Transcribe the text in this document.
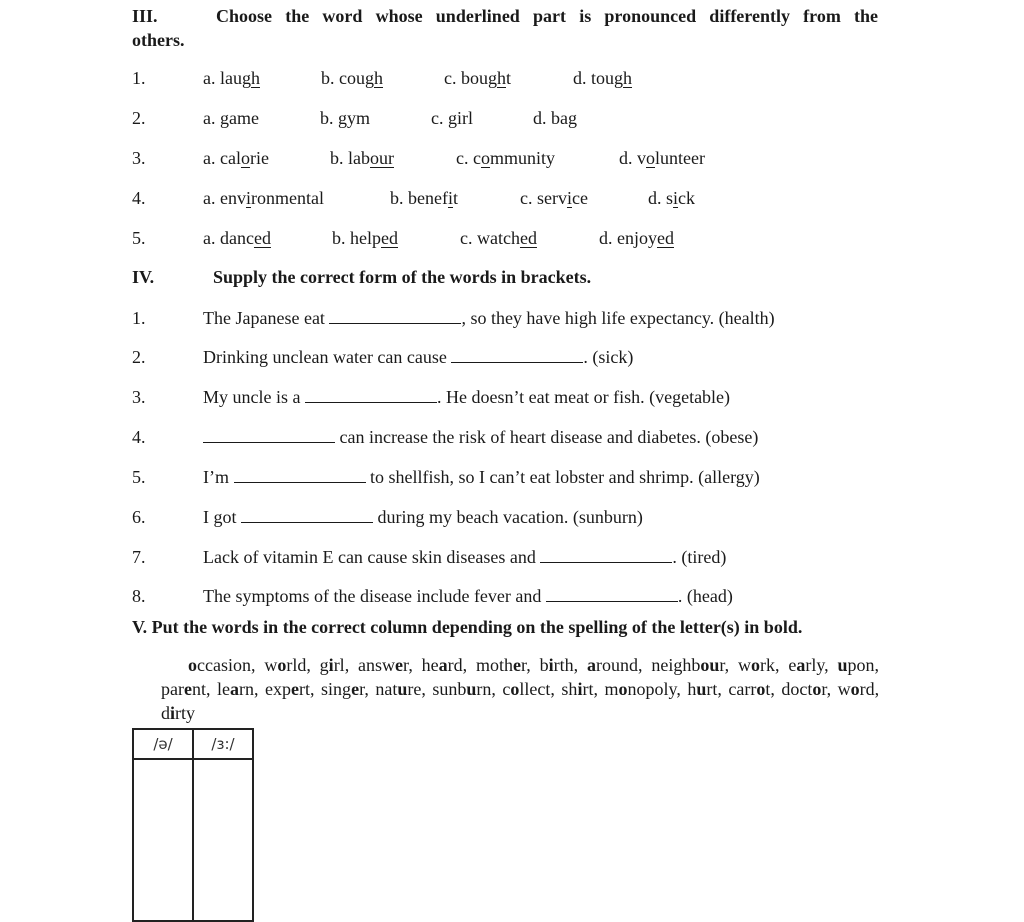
III.	Choose the word whose underlined part is pronounced differently from the
others.
1.	a. laugh	b. cough	c. bought	d. tough
2.	a. game	b. gym	c. girl	d. bag
3.	a. calorie	b. labour	c. community	d. volunteer
4.	a. environmental	b. benefit	c. service	d. sick
5.	a. danced	b. helped	c. watched	d. enjoyed
IV.	Supply the correct form of the words in brackets.
1.	The Japanese eat	, so they have high life expectancy. (health)
2.	Drinking unclean water can cause	. (sick)
3.	My uncle is a	. He doesn’t eat meat or fish. (vegetable)
4.	can increase the risk of heart disease and diabetes. (obese)
5.	I’m	to shellfish, so I can’t eat lobster and shrimp. (allergy)
6.	I got	during my beach vacation. (sunburn)
7.	Lack of vitamin E can cause skin diseases and	. (tired)
8.	The symptoms of the disease include fever and	. (head)
V. Put the words in the correct column depending on the spelling of the letter(s) in bold.
occasion, world, girl, answer, heard, mother, birth, around, neighbour, work, early, upon, parent, learn, expert, singer, nature, sunburn, collect, shirt, monopoly, hurt, carrot, doctor, word, dirty
/ə/	/ɜ:/
